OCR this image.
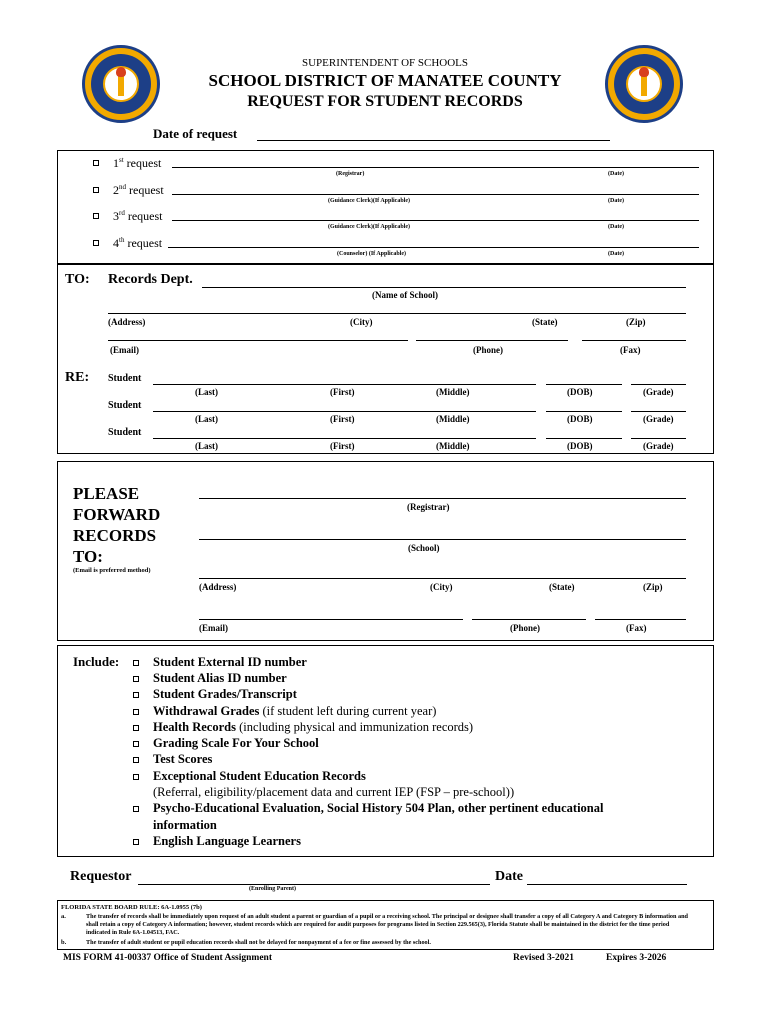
SUPERINTENDENT OF SCHOOLS
SCHOOL DISTRICT OF MANATEE COUNTY
REQUEST FOR STUDENT RECORDS
Date of request
1st request
(Registrar)	(Date)
2nd request
(Guidance Clerk)(If Applicable)	(Date)
3rd request
(Guidance Clerk)(If Applicable)	(Date)
4th request
(Counselor) (If Applicable)	(Date)
TO: Records Dept.
(Name of School)
(Address)	(City)	(State)	(Zip)
(Email)	(Phone)	(Fax)
RE: Student
(Last)	(First)	(Middle)	(DOB)	(Grade)
Student
(Last)	(First)	(Middle)	(DOB)	(Grade)
Student
(Last)	(First)	(Middle)	(DOB)	(Grade)
PLEASE
FORWARD
RECORDS
TO:
(Email is preferred method)
(Registrar)
(School)
(Address)	(City)	(State)	(Zip)
(Email)	(Phone)	(Fax)
Include:	Student External ID number
Student Alias ID number
Student Grades/Transcript
Withdrawal Grades (if student left during current year)
Health Records (including physical and immunization records)
Grading Scale For Your School
Test Scores
Exceptional Student Education Records
(Referral, eligibility/placement data and current IEP (FSP – pre-school))
Psycho-Educational Evaluation, Social History 504 Plan, other pertinent educational
information
English Language Learners
Requestor
(Enrolling Parent)
Date
FLORIDA STATE BOARD RULE: 6A-1.0955 (7b)
a.	The transfer of records shall be immediately upon request of an adult student a parent or guardian of a pupil or a receiving school. The principal or designee shall transfer a copy of all Category A and Category B information and shall retain a copy of Category A information; however, student records which are required for audit purposes for programs listed in Section 229.565(3), Florida Statute shall be maintained in the district for the time period indicated in Rule 6A-1.04513, FAC.
b.	The transfer of adult student or pupil education records shall not be delayed for nonpayment of a fee or fine assessed by the school.
MIS FORM 41-00337 Office of Student Assignment	Revised 3-2021	Expires 3-2026
